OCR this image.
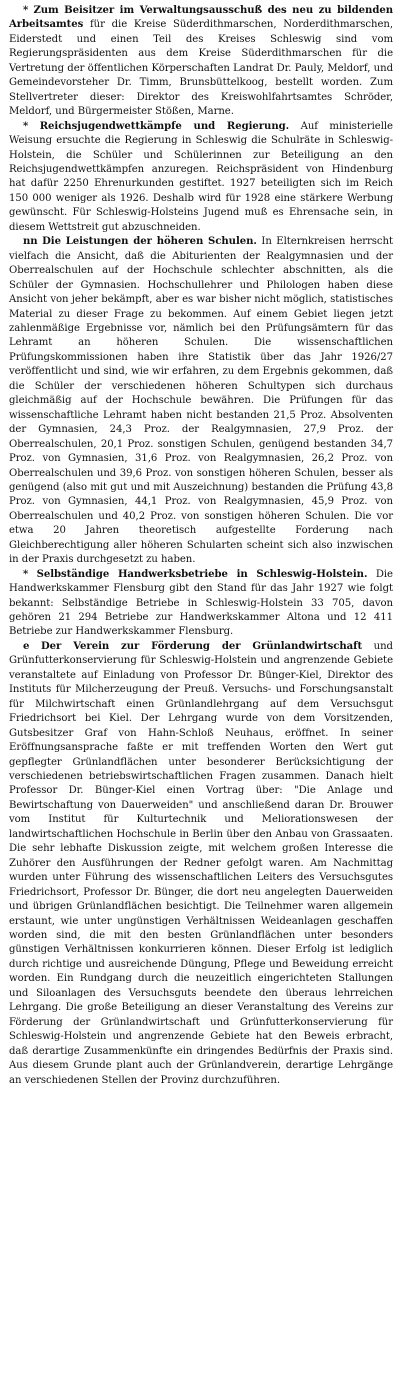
* Zum Beisitzer im Verwaltungsausschuß des neu zu bildenden Arbeitsamtes für die Kreise Süderdithmarschen, Norderdithmarschen, Eiderstedt und einen Teil des Kreises Schleswig sind vom Regierungspräsidenten aus dem Kreise Süderdithmarschen für die Vertretung der öffentlichen Körperschaften Landrat Dr. Pauly, Meldorf, und Gemeindevorsteher Dr. Timm, Brunsbüttelkoog, bestellt worden. Zum Stellvertreter dieser: Direktor des Kreiswohlfahrtsamtes Schröder, Meldorf, und Bürgermeister Stößen, Marne.

* Reichsjugendwettkämpfe und Regierung. Auf ministerielle Weisung ersuchte die Regierung in Schleswig die Schulräte in Schleswig-Holstein, die Schüler und Schülerinnen zur Beteiligung an den Reichsjugendwettkämpfen anzuregen. Reichspräsident von Hindenburg hat dafür 2250 Ehrenurkunden gestiftet. 1927 beteiligten sich im Reich 150 000 weniger als 1926. Deshalb wird für 1928 eine stärkere Werbung gewünscht. Für Schleswig-Holsteins Jugend muß es Ehrensache sein, in diesem Wettstreit gut abzuschneiden.

nn Die Leistungen der höheren Schulen. In Elternkreisen herrscht vielfach die Ansicht, daß die Abiturienten der Realgymnasien und der Oberrealschulen auf der Hochschule schlechter abschnitten, als die Schüler der Gymnasien. Hochschullehrer und Philologen haben diese Ansicht von jeher bekämpft, aber es war bisher nicht möglich, statistisches Material zu dieser Frage zu bekommen. Auf einem Gebiet liegen jetzt zahlenmäßige Ergebnisse vor, nämlich bei den Prüfungsämtern für das Lehramt an höheren Schulen. Die wissenschaftlichen Prüfungskommissionen haben ihre Statistik über das Jahr 1926/27 veröffentlicht und sind, wie wir erfahren, zu dem Ergebnis gekommen, daß die Schüler der verschiedenen höheren Schultypen sich durchaus gleichmäßig auf der Hochschule bewähren. Die Prüfungen für das wissenschaftliche Lehramt haben nicht bestanden 21,5 Proz. Absolventen der Gymnasien, 24,3 Proz. der Realgymnasien, 27,9 Proz. der Oberrealschulen, 20,1 Proz. sonstigen Schulen, genügend bestanden 34,7 Proz. von Gymnasien, 31,6 Proz. von Realgymnasien, 26,2 Proz. von Oberrealschulen und 39,6 Proz. von sonstigen höheren Schulen, besser als genügend (also mit gut und mit Auszeichnung) bestanden die Prüfung 43,8 Proz. von Gymnasien, 44,1 Proz. von Realgymnasien, 45,9 Proz. von Oberrealschulen und 40,2 Proz. von sonstigen höheren Schulen. Die vor etwa 20 Jahren theoretisch aufgestellte Forderung nach Gleichberechtigung aller höheren Schularten scheint sich also inzwischen in der Praxis durchgesetzt zu haben.

* Selbständige Handwerksbetriebe in Schleswig-Holstein. Die Handwerkskammer Flensburg gibt den Stand für das Jahr 1927 wie folgt bekannt: Selbständige Betriebe in Schleswig-Holstein 33 705, davon gehören 21 294 Betriebe zur Handwerkskammer Altona und 12 411 Betriebe zur Handwerkskammer Flensburg.

e Der Verein zur Förderung der Grünlandwirtschaft und Grünfutterkonservierung für Schleswig-Holstein und angrenzende Gebiete veranstaltete auf Einladung von Professor Dr. Bünger-Kiel, Direktor des Instituts für Milcherzeugung der Preuß. Versuchs- und Forschungsanstalt für Milchwirtschaft einen Grünlandlehrgang auf dem Versuchsgut Friedrichsort bei Kiel. Der Lehrgang wurde von dem Vorsitzenden, Gutsbesitzer Graf von Hahn-Schloß Neuhaus, eröffnet. In seiner Eröffnungsansprache faßte er mit treffenden Worten den Wert gut gepflegter Grünlandflächen unter besonderer Berücksichtigung der verschiedenen betriebswirtschaftlichen Fragen zusammen. Danach hielt Professor Dr. Bünger-Kiel einen Vortrag über: "Die Anlage und Bewirtschaftung von Dauerweiden" und anschließend daran Dr. Brouwer vom Institut für Kulturtechnik und Meliorationswesen der landwirtschaftlichen Hochschule in Berlin über den Anbau von Grassaaten. Die sehr lebhafte Diskussion zeigte, mit welchem großen Interesse die Zuhörer den Ausführungen der Redner gefolgt waren. Am Nachmittag wurden unter Führung des wissenschaftlichen Leiters des Versuchsgutes Friedrichsort, Professor Dr. Bünger, die dort neu angelegten Dauerweiden und übrigen Grünlandflächen besichtigt. Die Teilnehmer waren allgemein erstaunt, wie unter ungünstigen Verhältnissen Weideanlagen geschaffen worden sind, die mit den besten Grünlandflächen unter besonders günstigen Verhältnissen konkurrieren können. Dieser Erfolg ist lediglich durch richtige und ausreichende Düngung, Pflege und Beweidung erreicht worden. Ein Rundgang durch die neuzeitlich eingerichteten Stallungen und Siloanlagen des Versuchsguts beendete den überaus lehrreichen Lehrgang. Die große Beteiligung an dieser Veranstaltung des Vereins zur Förderung der Grünlandwirtschaft und Grünfutterkonservierung für Schleswig-Holstein und angrenzende Gebiete hat den Beweis erbracht, daß derartige Zusammenkünfte ein dringendes Bedürfnis der Praxis sind. Aus diesem Grunde plant auch der Grünlandverein, derartige Lehrgänge an verschiedenen Stellen der Provinz durchzuführen.
